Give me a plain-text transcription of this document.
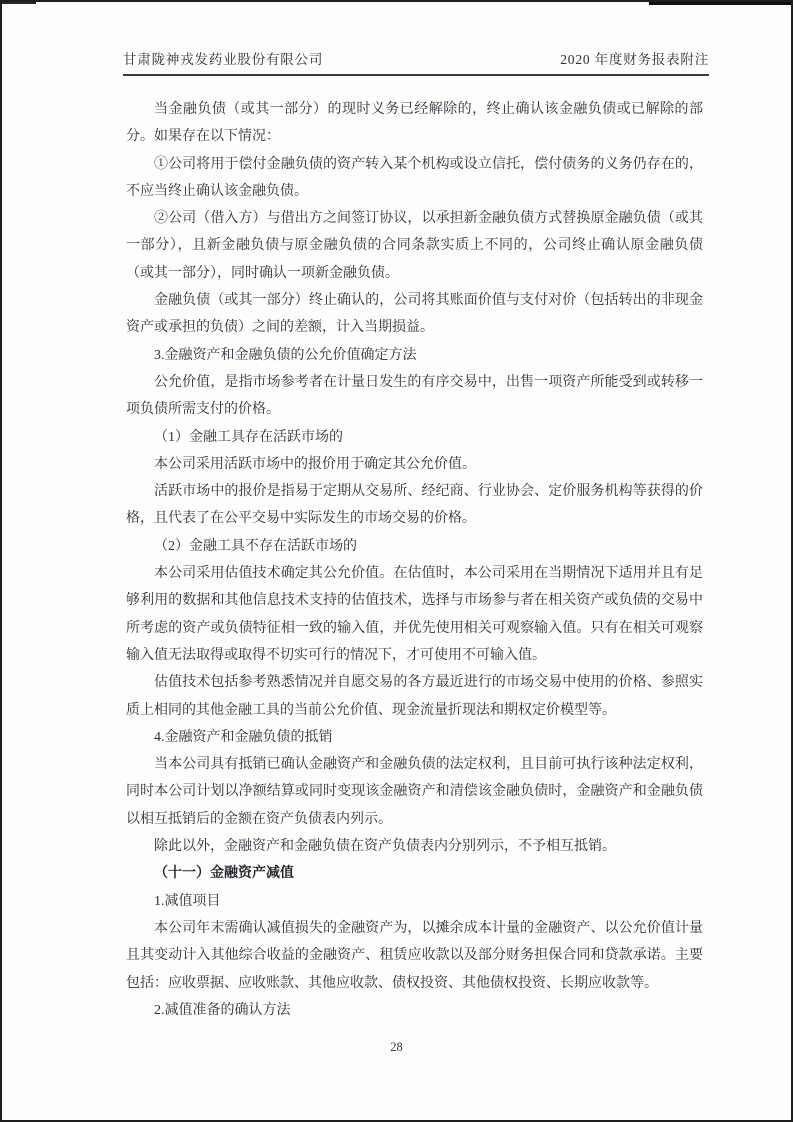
甘肃陇神戎发药业股份有限公司	2020 年度财务报表附注

当金融负债（或其一部分）的现时义务已经解除的，终止确认该金融负债或已解除的部分。如果存在以下情况：

①公司将用于偿付金融负债的资产转入某个机构或设立信托，偿付债务的义务仍存在的，不应当终止确认该金融负债。

②公司（借入方）与借出方之间签订协议，以承担新金融负债方式替换原金融负债（或其一部分），且新金融负债与原金融负债的合同条款实质上不同的，公司终止确认原金融负债（或其一部分），同时确认一项新金融负债。

金融负债（或其一部分）终止确认的，公司将其账面价值与支付对价（包括转出的非现金资产或承担的负债）之间的差额，计入当期损益。

3.金融资产和金融负债的公允价值确定方法

公允价值，是指市场参考者在计量日发生的有序交易中，出售一项资产所能受到或转移一项负债所需支付的价格。

（1）金融工具存在活跃市场的

本公司采用活跃市场中的报价用于确定其公允价值。

活跃市场中的报价是指易于定期从交易所、经纪商、行业协会、定价服务机构等获得的价格，且代表了在公平交易中实际发生的市场交易的价格。

（2）金融工具不存在活跃市场的

本公司采用估值技术确定其公允价值。在估值时，本公司采用在当期情况下适用并且有足够利用的数据和其他信息技术支持的估值技术，选择与市场参与者在相关资产或负债的交易中所考虑的资产或负债特征相一致的输入值，并优先使用相关可观察输入值。只有在相关可观察输入值无法取得或取得不切实可行的情况下，才可使用不可输入值。

估值技术包括参考熟悉情况并自愿交易的各方最近进行的市场交易中使用的价格、参照实质上相同的其他金融工具的当前公允价值、现金流量折现法和期权定价模型等。

4.金融资产和金融负债的抵销

当本公司具有抵销已确认金融资产和金融负债的法定权利，且目前可执行该种法定权利，同时本公司计划以净额结算或同时变现该金融资产和清偿该金融负债时，金融资产和金融负债以相互抵销后的金额在资产负债表内列示。

除此以外，金融资产和金融负债在资产负债表内分别列示，不予相互抵销。

（十一）金融资产减值

1.减值项目

本公司年末需确认减值损失的金融资产为，以摊余成本计量的金融资产、以公允价值计量且其变动计入其他综合收益的金融资产、租赁应收款以及部分财务担保合同和贷款承诺。主要包括：应收票据、应收账款、其他应收款、债权投资、其他债权投资、长期应收款等。

2.减值准备的确认方法

28
